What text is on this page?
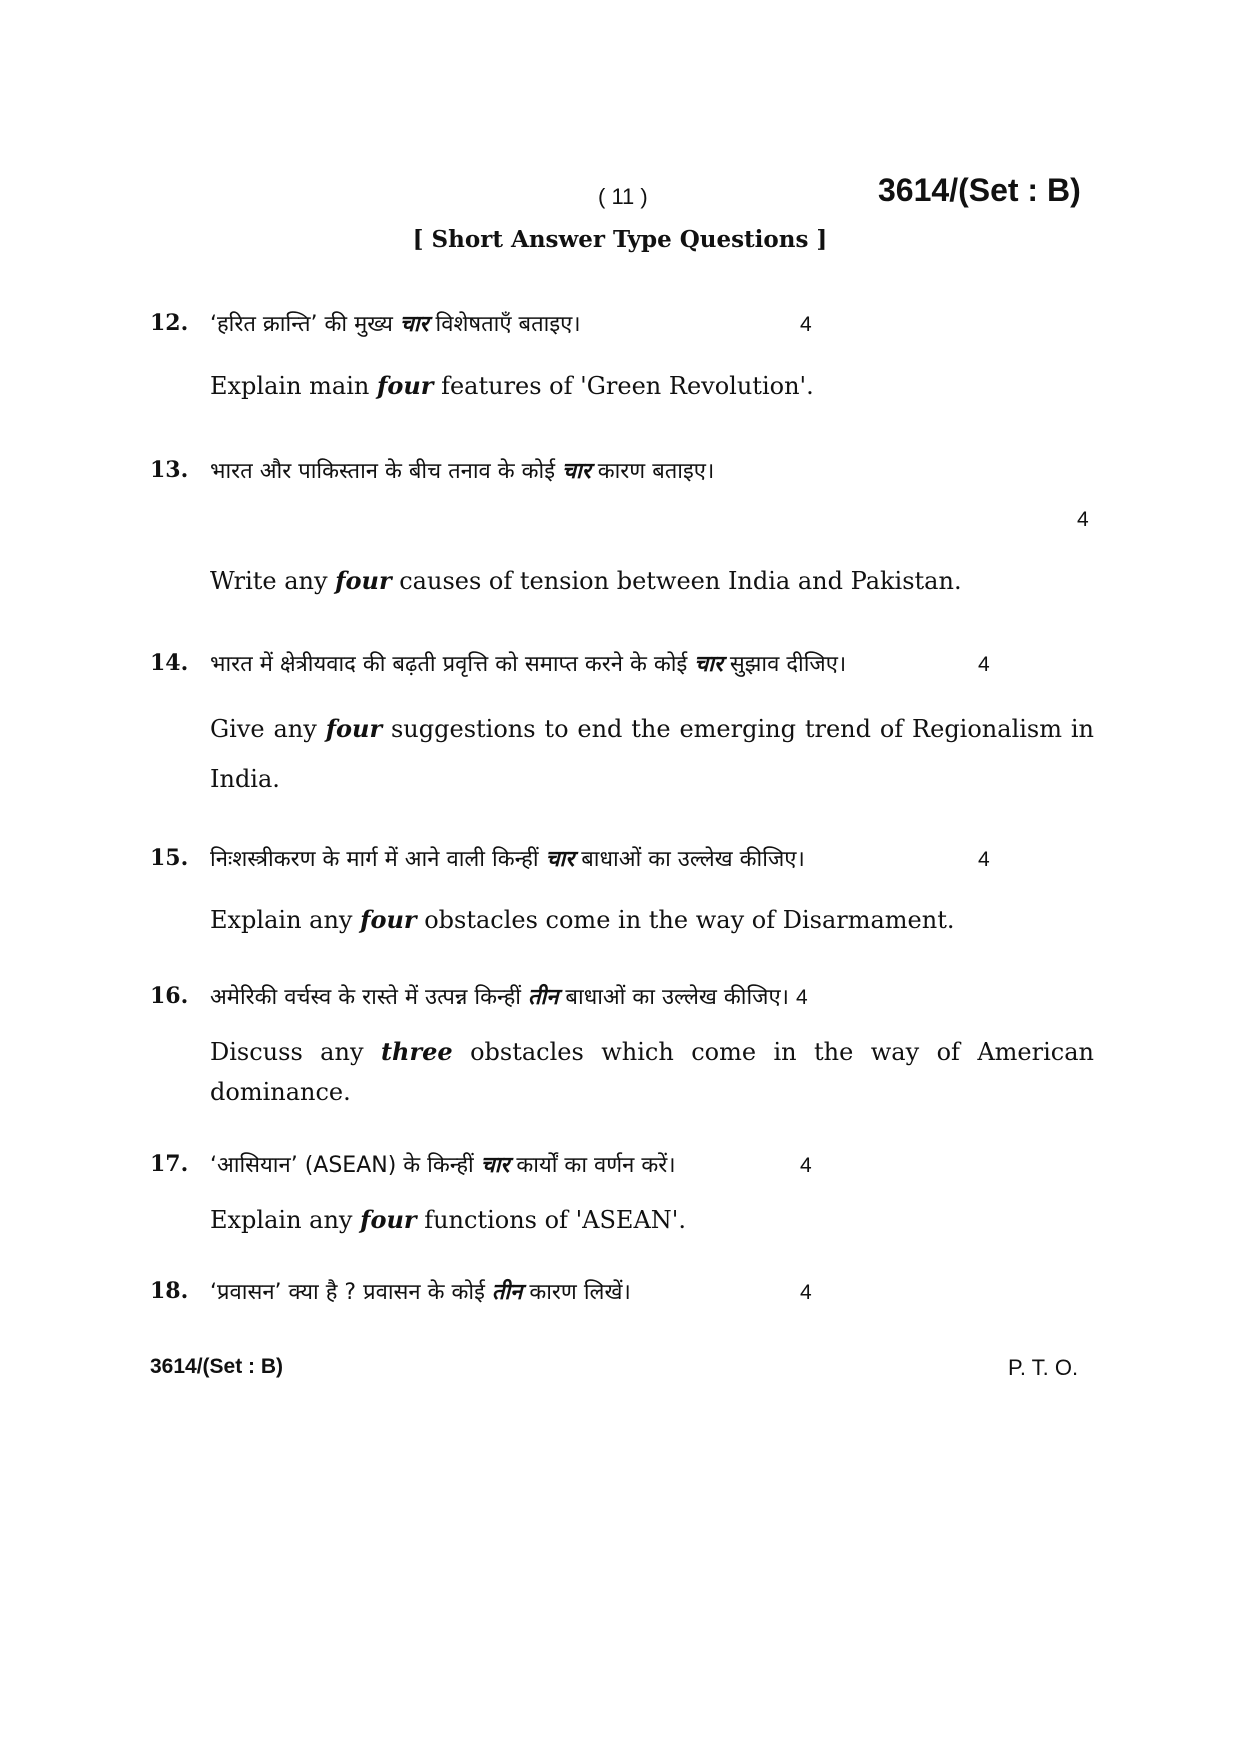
( 11 )	3614/(Set : B)
[ Short Answer Type Questions ]
12. ‘हरित क्रान्ति’ की मुख्य चार विशेषताएँ बताइए।	4
Explain main four features of 'Green Revolution'.
13. भारत और पाकिस्तान के बीच तनाव के कोई चार कारण बताइए।
4
Write any four causes of tension between India and Pakistan.
14. भारत में क्षेत्रीयवाद की बढ़ती प्रवृत्ति को समाप्त करने के कोई चार सुझाव दीजिए।	4
Give any four suggestions to end the emerging trend of Regionalism in India.
15. निःशस्त्रीकरण के मार्ग में आने वाली किन्हीं चार बाधाओं का उल्लेख कीजिए।	4
Explain any four obstacles come in the way of Disarmament.
16. अमेरिकी वर्चस्व के रास्ते में उत्पन्न किन्हीं तीन बाधाओं का उल्लेख कीजिए। 4
Discuss any three obstacles which come in the way of American dominance.
17. ‘आसियान’ (ASEAN) के किन्हीं चार कार्यों का वर्णन करें।	4
Explain any four functions of 'ASEAN'.
18. ‘प्रवासन’ क्या है ? प्रवासन के कोई तीन कारण लिखें।	4
3614/(Set : B)	P. T. O.
